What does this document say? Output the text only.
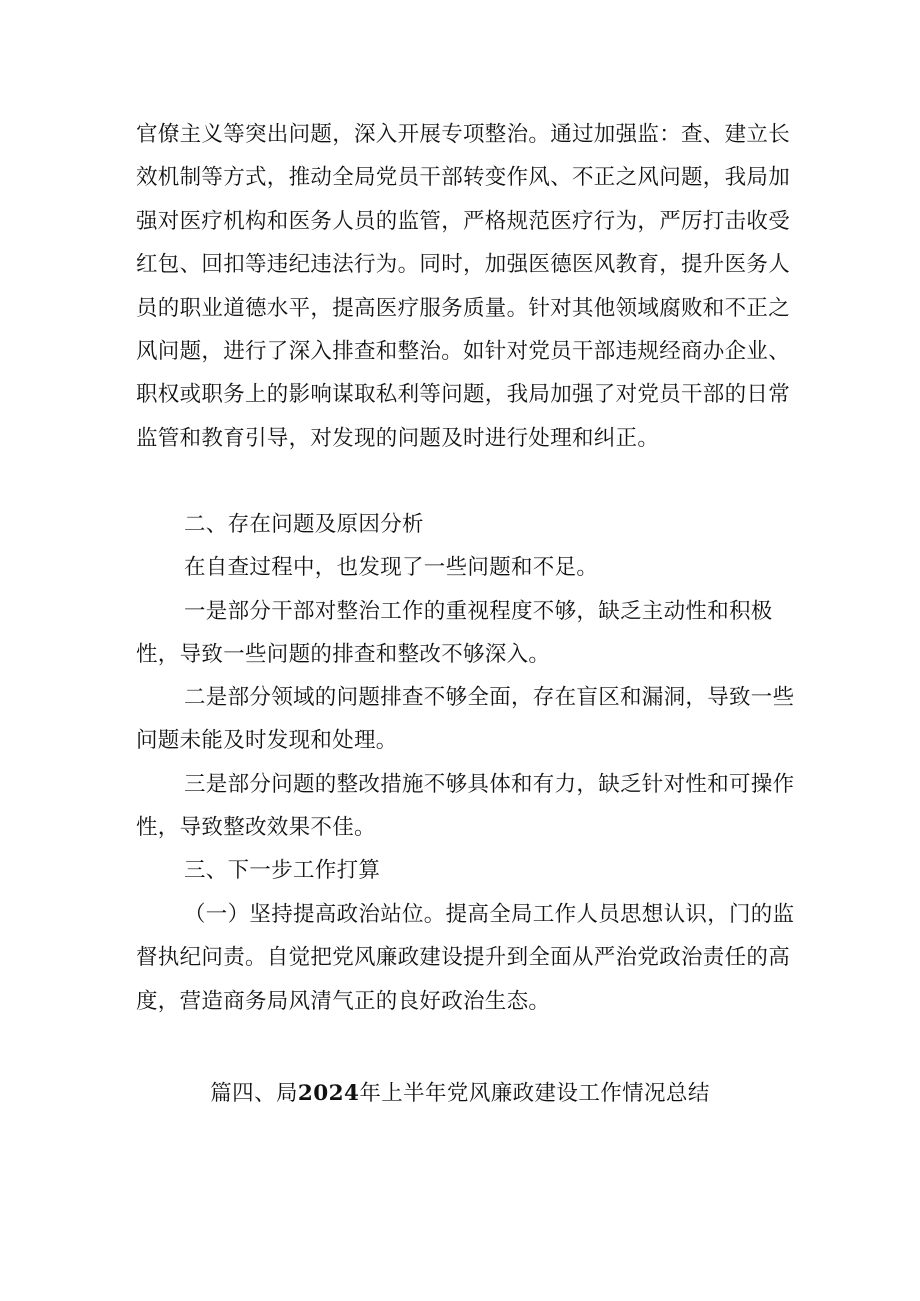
官僚主义等突出问题，深入开展专项整治。通过加强监：查、建立长效机制等方式，推动全局党员干部转变作风、不正之风问题，我局加强对医疗机构和医务人员的监管，严格规范医疗行为，严厉打击收受红包、回扣等违纪违法行为。同时，加强医德医风教育，提升医务人员的职业道德水平，提高医疗服务质量。针对其他领域腐败和不正之风问题，进行了深入排查和整治。如针对党员干部违规经商办企业、职权或职务上的影响谋取私利等问题，我局加强了对党员干部的日常监管和教育引导，对发现的问题及时进行处理和纠正。

二、存在问题及原因分析

在自查过程中，也发现了一些问题和不足。

一是部分干部对整治工作的重视程度不够，缺乏主动性和积极性，导致一些问题的排查和整改不够深入。

二是部分领域的问题排查不够全面，存在盲区和漏洞，导致一些问题未能及时发现和处理。

三是部分问题的整改措施不够具体和有力，缺乏针对性和可操作性，导致整改效果不佳。

三、下一步工作打算

（一）坚持提高政治站位。提高全局工作人员思想认识，门的监督执纪问责。自觉把党风廉政建设提升到全面从严治党政治责任的高度，营造商务局风清气正的良好政治生态。

篇四、局2024年上半年党风廉政建设工作情况总结
